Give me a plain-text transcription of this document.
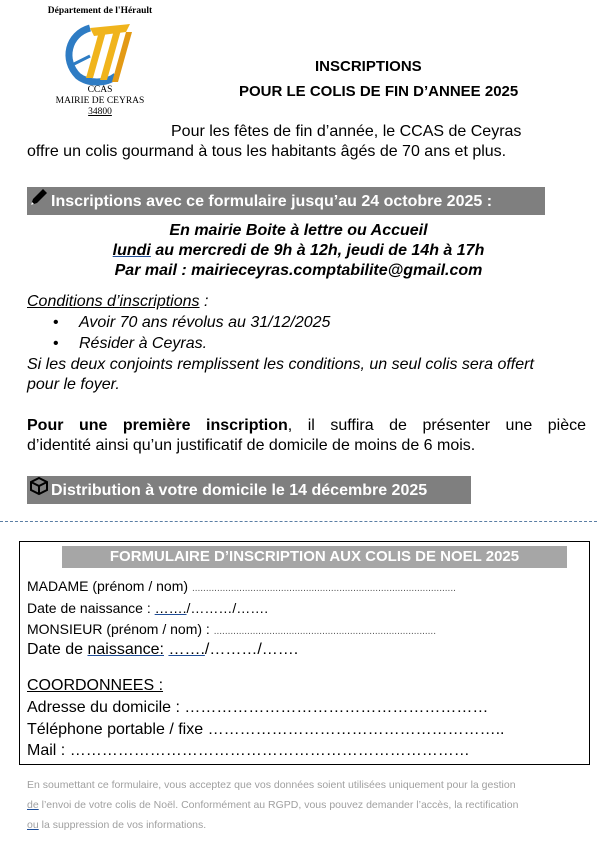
Département de l'Hérault
CCAS
MAIRIE DE CEYRAS
34800
INSCRIPTIONS
POUR LE COLIS DE FIN D’ANNEE 2025
Pour les fêtes de fin d’année, le CCAS de Ceyras
offre un colis gourmand à tous les habitants âgés de 70 ans et plus.
Inscriptions avec ce formulaire jusqu’au 24 octobre 2025 :
En mairie Boite à lettre ou Accueil
lundi au mercredi de 9h à 12h, jeudi de 14h à 17h
Par mail : mairieceyras.comptabilite@gmail.com
Conditions d’inscriptions :
• Avoir 70 ans révolus au 31/12/2025
• Résider à Ceyras.
Si les deux conjoints remplissent les conditions, un seul colis sera offert
pour le foyer.
Pour une première inscription, il suffira de présenter une pièce
d’identité ainsi qu’un justificatif de domicile de moins de 6 mois.
Distribution à votre domicile le 14 décembre 2025
FORMULAIRE D’INSCRIPTION AUX COLIS DE NOEL 2025
MADAME (prénom / nom) ...............................................................................................
Date de naissance : ……./………/…….
MONSIEUR (prénom / nom) : ................................................................................
Date de naissance: ……./………/…….
COORDONNEES :
Adresse du domicile : …………………………………………………
Téléphone portable / fixe ………………………………………………..
Mail : …………………………………………………………………
En soumettant ce formulaire, vous acceptez que vos données soient utilisées uniquement pour la gestion
de l’envoi de votre colis de Noël. Conformément au RGPD, vous pouvez demander l’accès, la rectification
ou la suppression de vos informations.
